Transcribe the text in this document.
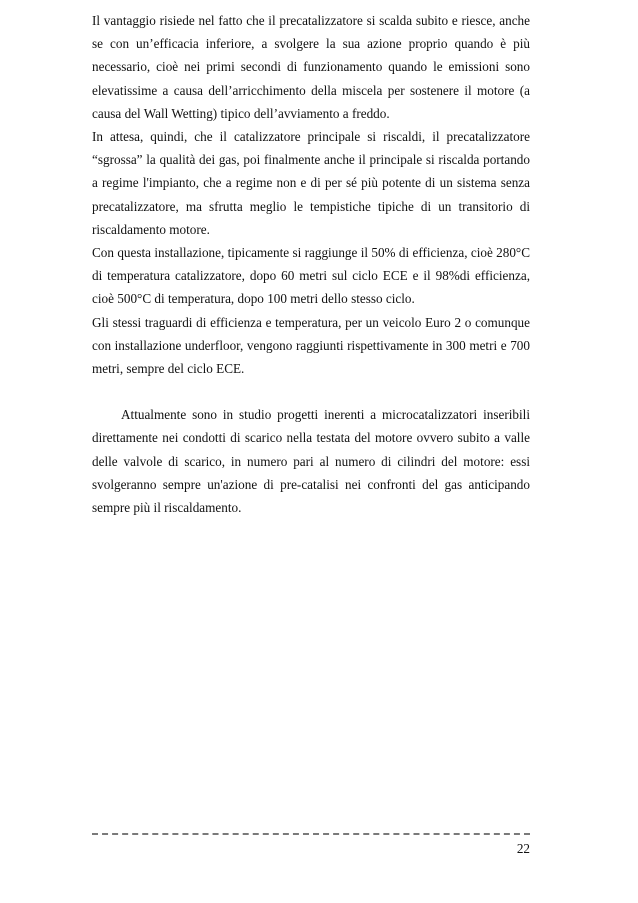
Il vantaggio risiede nel fatto che il precatalizzatore si scalda subito e riesce, anche se con un’efficacia inferiore, a svolgere la sua azione proprio quando è più necessario, cioè nei primi secondi di funzionamento quando le emissioni sono elevatissime a causa dell’arricchimento della miscela per sostenere il motore (a causa del Wall Wetting) tipico dell’avviamento a freddo.

In attesa, quindi, che il catalizzatore principale si riscaldi, il precatalizzatore “sgrossa” la qualità dei gas, poi finalmente anche il principale si riscalda portando a regime l'impianto, che a regime non e di per sé più potente di un sistema senza precatalizzatore, ma sfrutta meglio le tempistiche tipiche di un transitorio di riscaldamento motore.

Con questa installazione, tipicamente si raggiunge il 50% di efficienza, cioè 280°C di temperatura catalizzatore, dopo 60 metri sul ciclo ECE e il 98%di efficienza, cioè 500°C di temperatura, dopo 100 metri dello stesso ciclo.

Gli stessi traguardi di efficienza e temperatura, per un veicolo Euro 2 o comunque con installazione underfloor, vengono raggiunti rispettivamente in 300 metri e 700 metri, sempre del ciclo ECE.

Attualmente sono in studio progetti inerenti a microcatalizzatori inseribili direttamente nei condotti di scarico nella testata del motore ovvero subito a valle delle valvole di scarico, in numero pari al numero di cilindri del motore: essi svolgeranno sempre un'azione di pre-catalisi nei confronti del gas anticipando sempre più il riscaldamento.

22
